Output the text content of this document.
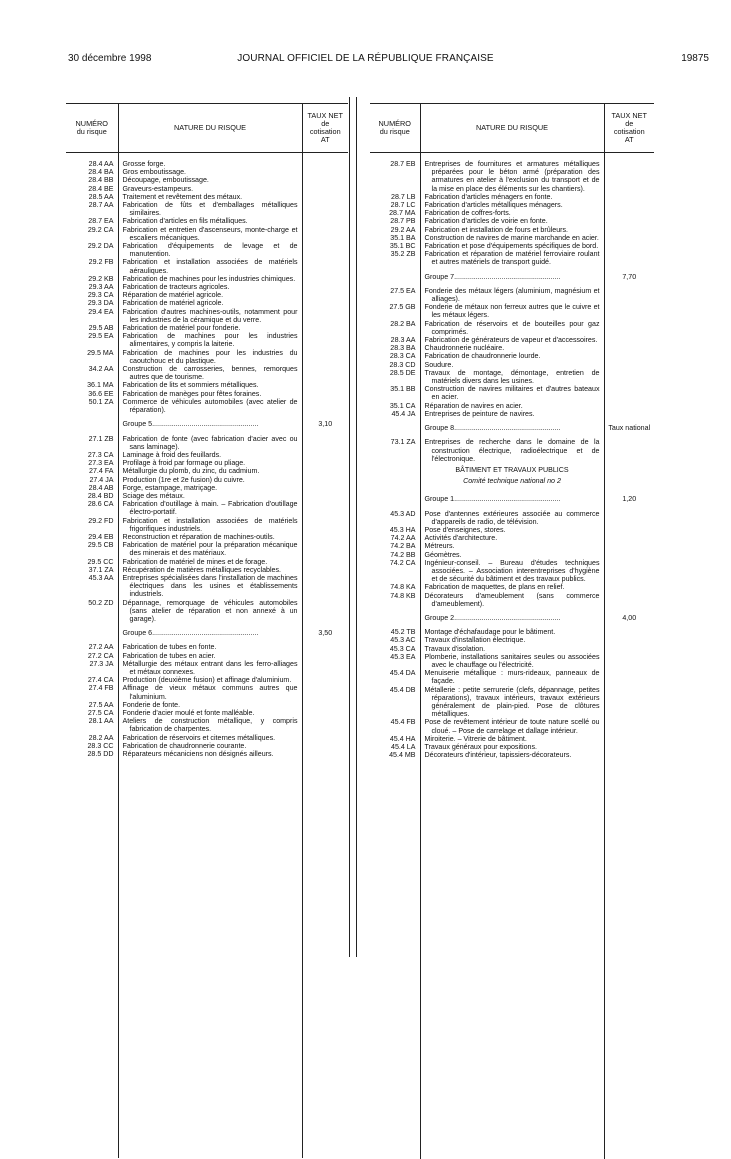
30 décembre 1998	JOURNAL OFFICIEL DE LA RÉPUBLIQUE FRANÇAISE	19875
NUMÉRO
du risque	NATURE DU RISQUE	TAUX NET
de
cotisation
AT

28.4 AA	Grosse forge.	

28.4 BA	Gros emboutissage.	

28.4 BB	Découpage, emboutissage.	

28.4 BE	Graveurs-estampeurs.	

28.5 AA	Traitement et revêtement des métaux.	

28.7 AA	Fabrication de fûts et d'emballages métalliques similaires.	

28.7 EA	Fabrication d'articles en fils métalliques.	

29.2 CA	Fabrication et entretien d'ascenseurs, monte-charge et escaliers mécaniques.	

29.2 DA	Fabrication d'équipements de levage et de manutention.	

29.2 FB	Fabrication et installation associées de matériels aérauliques.	

29.2 KB	Fabrication de machines pour les industries chimiques.	

29.3 AA	Fabrication de tracteurs agricoles.	

29.3 CA	Réparation de matériel agricole.	

29.3 DA	Fabrication de matériel agricole.	

29.4 EA	Fabrication d'autres machines-outils, notamment pour les industries de la céramique et du verre.	

29.5 AB	Fabrication de matériel pour fonderie.	

29.5 EA	Fabrication de machines pour les industries alimentaires, y compris la laiterie.	

29.5 MA	Fabrication de machines pour les industries du caoutchouc et du plastique.	

34.2 AA	Construction de carrosseries, bennes, remorques autres que de tourisme.	

36.1 MA	Fabrication de lits et sommiers métalliques.	

36.6 EE	Fabrication de manèges pour fêtes foraines.	

50.1 ZA	Commerce de véhicules automobiles (avec atelier de réparation).	

	Groupe 5......................................................	3,10

27.1 ZB	Fabrication de fonte (avec fabrication d'acier avec ou sans laminage).	

27.3 CA	Laminage à froid des feuillards.	

27.3 EA	Profilage à froid par formage ou pliage.	

27.4 FA	Métallurgie du plomb, du zinc, du cadmium.	

27.4 JA	Production (1re et 2e fusion) du cuivre.	

28.4 AB	Forge, estampage, matriçage.	

28.4 BD	Sciage des métaux.	

28.6 CA	Fabrication d'outillage à main. – Fabrication d'outillage électro-portatif.	

29.2 FD	Fabrication et installation associées de matériels frigorifiques industriels.	

29.4 EB	Reconstruction et réparation de machines-outils.	

29.5 CB	Fabrication de matériel pour la préparation mécanique des minerais et des matériaux.	

29.5 CC	Fabrication de matériel de mines et de forage.	

37.1 ZA	Récupération de matières métalliques recyclables.	

45.3 AA	Entreprises spécialisées dans l'installation de machines électriques dans les usines et établissements industriels.	

50.2 ZD	Dépannage, remorquage de véhicules automobiles (sans atelier de réparation et non annexé à un garage).	

	Groupe 6......................................................	3,50

27.2 AA	Fabrication de tubes en fonte.	

27.2 CA	Fabrication de tubes en acier.	

27.3 JA	Métallurgie des métaux entrant dans les ferro-alliages et métaux connexes.	

27.4 CA	Production (deuxième fusion) et affinage d'aluminium.	

27.4 FB	Affinage de vieux métaux communs autres que l'aluminium.	

27.5 AA	Fonderie de fonte.	

27.5 CA	Fonderie d'acier moulé et fonte malléable.	

28.1 AA	Ateliers de construction métallique, y compris fabrication de charpentes.	

28.2 AA	Fabrication de réservoirs et citernes métalliques.	

28.3 CC	Fabrication de chaudronnerie courante.	

28.5 DD	Réparateurs mécaniciens non désignés ailleurs.	

NUMÉRO
du risque	NATURE DU RISQUE	TAUX NET
de
cotisation
AT

28.7 EB	Entreprises de fournitures et armatures métalliques préparées pour le béton armé (préparation des armatures en atelier à l'exclusion du transport et de la mise en place des éléments sur les chantiers).	

28.7 LB	Fabrication d'articles ménagers en fonte.	

28.7 LC	Fabrication d'articles métalliques ménagers.	

28.7 MA	Fabrication de coffres-forts.	

28.7 PB	Fabrication d'articles de voirie en fonte.	

29.2 AA	Fabrication et installation de fours et brûleurs.	

35.1 BA	Construction de navires de marine marchande en acier.	

35.1 BC	Fabrication et pose d'équipements spécifiques de bord.	

35.2 ZB	Fabrication et réparation de matériel ferroviaire roulant et autres matériels de transport guidé.	

	Groupe 7......................................................	7,70

27.5 EA	Fonderie des métaux légers (aluminium, magnésium et alliages).	

27.5 GB	Fonderie de métaux non ferreux autres que le cuivre et les métaux légers.	

28.2 BA	Fabrication de réservoirs et de bouteilles pour gaz comprimés.	

28.3 AA	Fabrication de générateurs de vapeur et d'accessoires.	

28.3 BA	Chaudronnerie nucléaire.	

28.3 CA	Fabrication de chaudronnerie lourde.	

28.3 CD	Soudure.	

28.5 DE	Travaux de montage, démontage, entretien de matériels divers dans les usines.	

35.1 BB	Construction de navires militaires et d'autres bateaux en acier.	

35.1 CA	Réparation de navires en acier.	

45.4 JA	Entreprises de peinture de navires.	

	Groupe 8......................................................	Taux national

73.1 ZA	Entreprises de recherche dans le domaine de la construction électrique, radioélectrique et de l'électronique.	

	BÂTIMENT ET TRAVAUX PUBLICS	

	Comité technique national no 2	

	Groupe 1......................................................	1,20

45.3 AD	Pose d'antennes extérieures associée au commerce d'appareils de radio, de télévision.	

45.3 HA	Pose d'enseignes, stores.	

74.2 AA	Activités d'architecture.	

74.2 BA	Métreurs.	

74.2 BB	Géomètres.	

74.2 CA	Ingénieur-conseil. – Bureau d'études techniques associées. – Association interentreprises d'hygiène et de sécurité du bâtiment et des travaux publics.	

74.8 KA	Fabrication de maquettes, de plans en relief.	

74.8 KB	Décorateurs d'ameublement (sans commerce d'ameublement).	

	Groupe 2......................................................	4,00

45.2 TB	Montage d'échafaudage pour le bâtiment.	

45.3 AC	Travaux d'installation électrique.	

45.3 CA	Travaux d'isolation.	

45.3 EA	Plomberie, installations sanitaires seules ou associées avec le chauffage ou l'électricité.	

45.4 DA	Menuiserie métallique : murs-rideaux, panneaux de façade.	

45.4 DB	Métallerie : petite serrurerie (clefs, dépannage, petites réparations), travaux intérieurs, travaux extérieurs généralement de plain-pied. Pose de clôtures métalliques.	

45.4 FB	Pose de revêtement intérieur de toute nature scellé ou cloué. – Pose de carrelage et dallage intérieur.	

45.4 HA	Miroiterie. – Vitrerie de bâtiment.	

45.4 LA	Travaux généraux pour expositions.	

45.4 MB	Décorateurs d'intérieur, tapissiers-décorateurs.	
